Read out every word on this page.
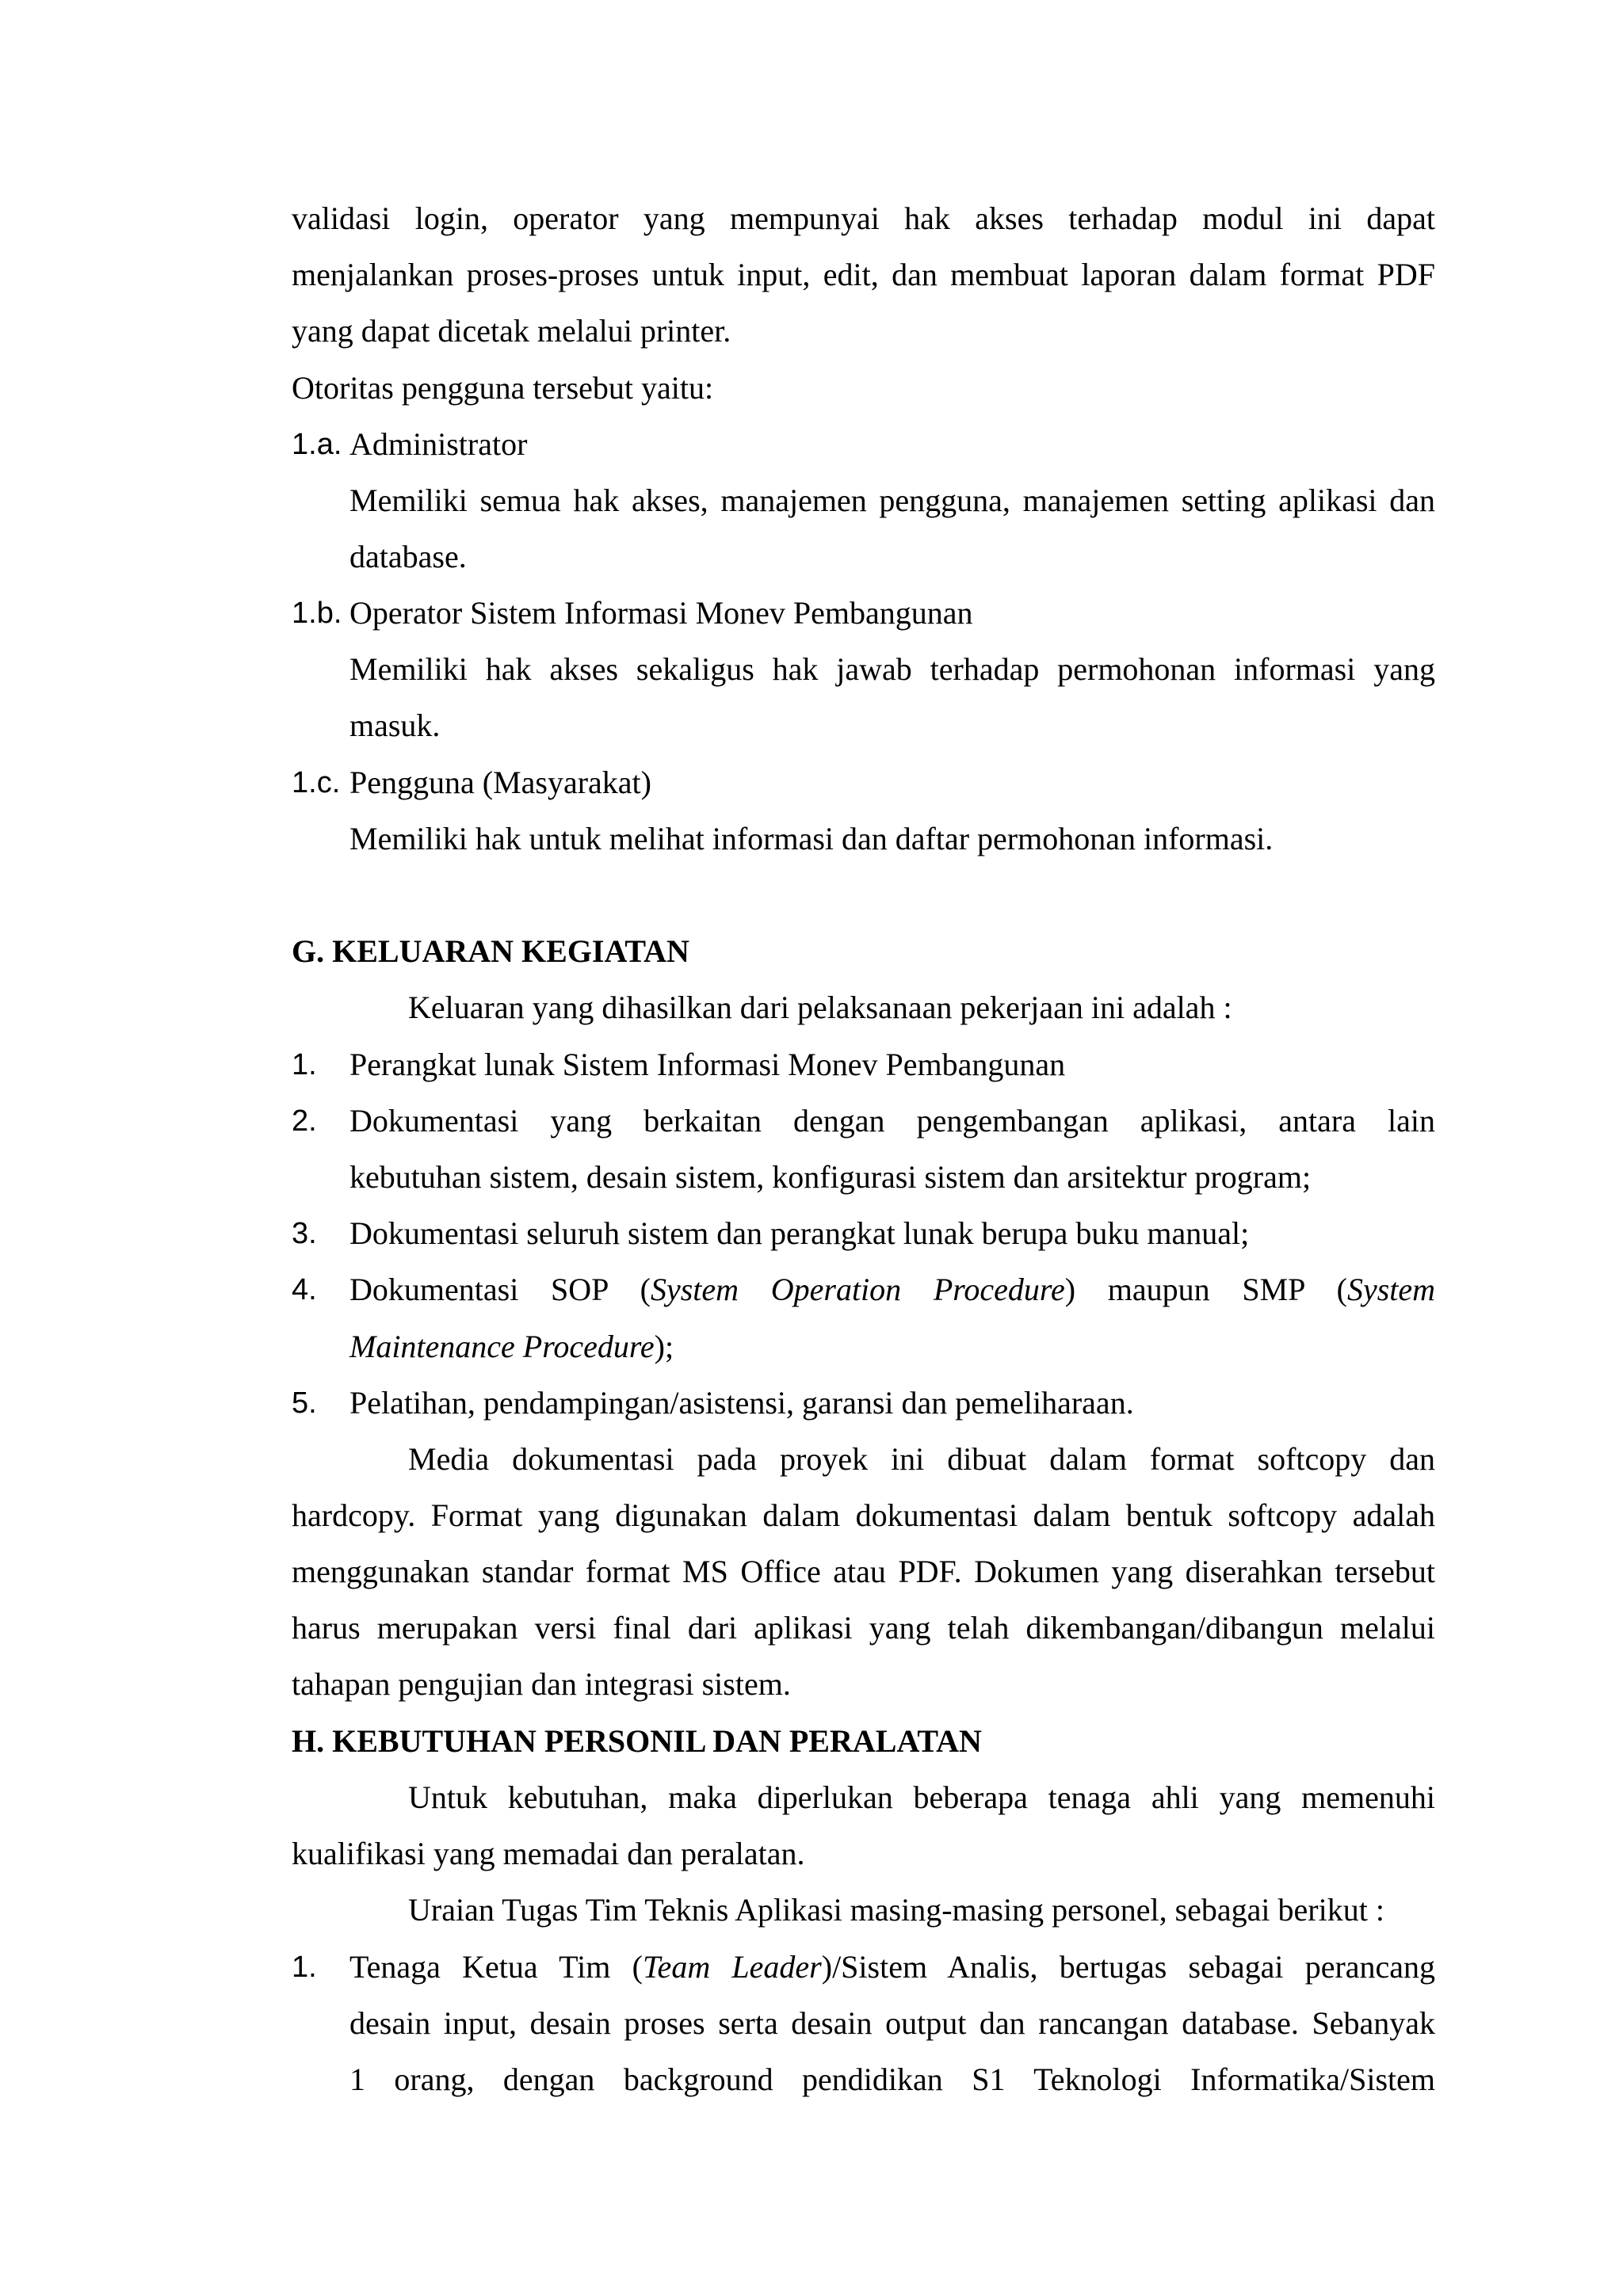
validasi login, operator yang mempunyai hak akses terhadap modul ini dapat
menjalankan proses-proses untuk input, edit, dan membuat laporan dalam format PDF
yang dapat dicetak melalui printer.
Otoritas pengguna tersebut yaitu:
1.a. Administrator
Memiliki semua hak akses, manajemen pengguna, manajemen setting aplikasi dan
database.
1.b. Operator Sistem Informasi Monev Pembangunan
Memiliki hak akses sekaligus hak jawab terhadap permohonan informasi yang
masuk.
1.c. Pengguna (Masyarakat)
Memiliki hak untuk melihat informasi dan daftar permohonan informasi.
G. KELUARAN KEGIATAN
Keluaran yang dihasilkan dari pelaksanaan pekerjaan ini adalah :
1. Perangkat lunak Sistem Informasi Monev Pembangunan
2. Dokumentasi yang berkaitan dengan pengembangan aplikasi, antara lain
kebutuhan sistem, desain sistem, konfigurasi sistem dan arsitektur program;
3. Dokumentasi seluruh sistem dan perangkat lunak berupa buku manual;
4. Dokumentasi SOP (System Operation Procedure) maupun SMP (System
Maintenance Procedure);
5. Pelatihan, pendampingan/asistensi, garansi dan pemeliharaan.
Media dokumentasi pada proyek ini dibuat dalam format softcopy dan
hardcopy. Format yang digunakan dalam dokumentasi dalam bentuk softcopy adalah
menggunakan standar format MS Office atau PDF. Dokumen yang diserahkan tersebut
harus merupakan versi final dari aplikasi yang telah dikembangan/dibangun melalui
tahapan pengujian dan integrasi sistem.
H. KEBUTUHAN PERSONIL DAN PERALATAN
Untuk kebutuhan, maka diperlukan beberapa tenaga ahli yang memenuhi
kualifikasi yang memadai dan peralatan.
Uraian Tugas Tim Teknis Aplikasi masing-masing personel, sebagai berikut :
1. Tenaga Ketua Tim (Team Leader)/Sistem Analis, bertugas sebagai perancang
desain input, desain proses serta desain output dan rancangan database. Sebanyak
1 orang, dengan background pendidikan S1 Teknologi Informatika/Sistem
